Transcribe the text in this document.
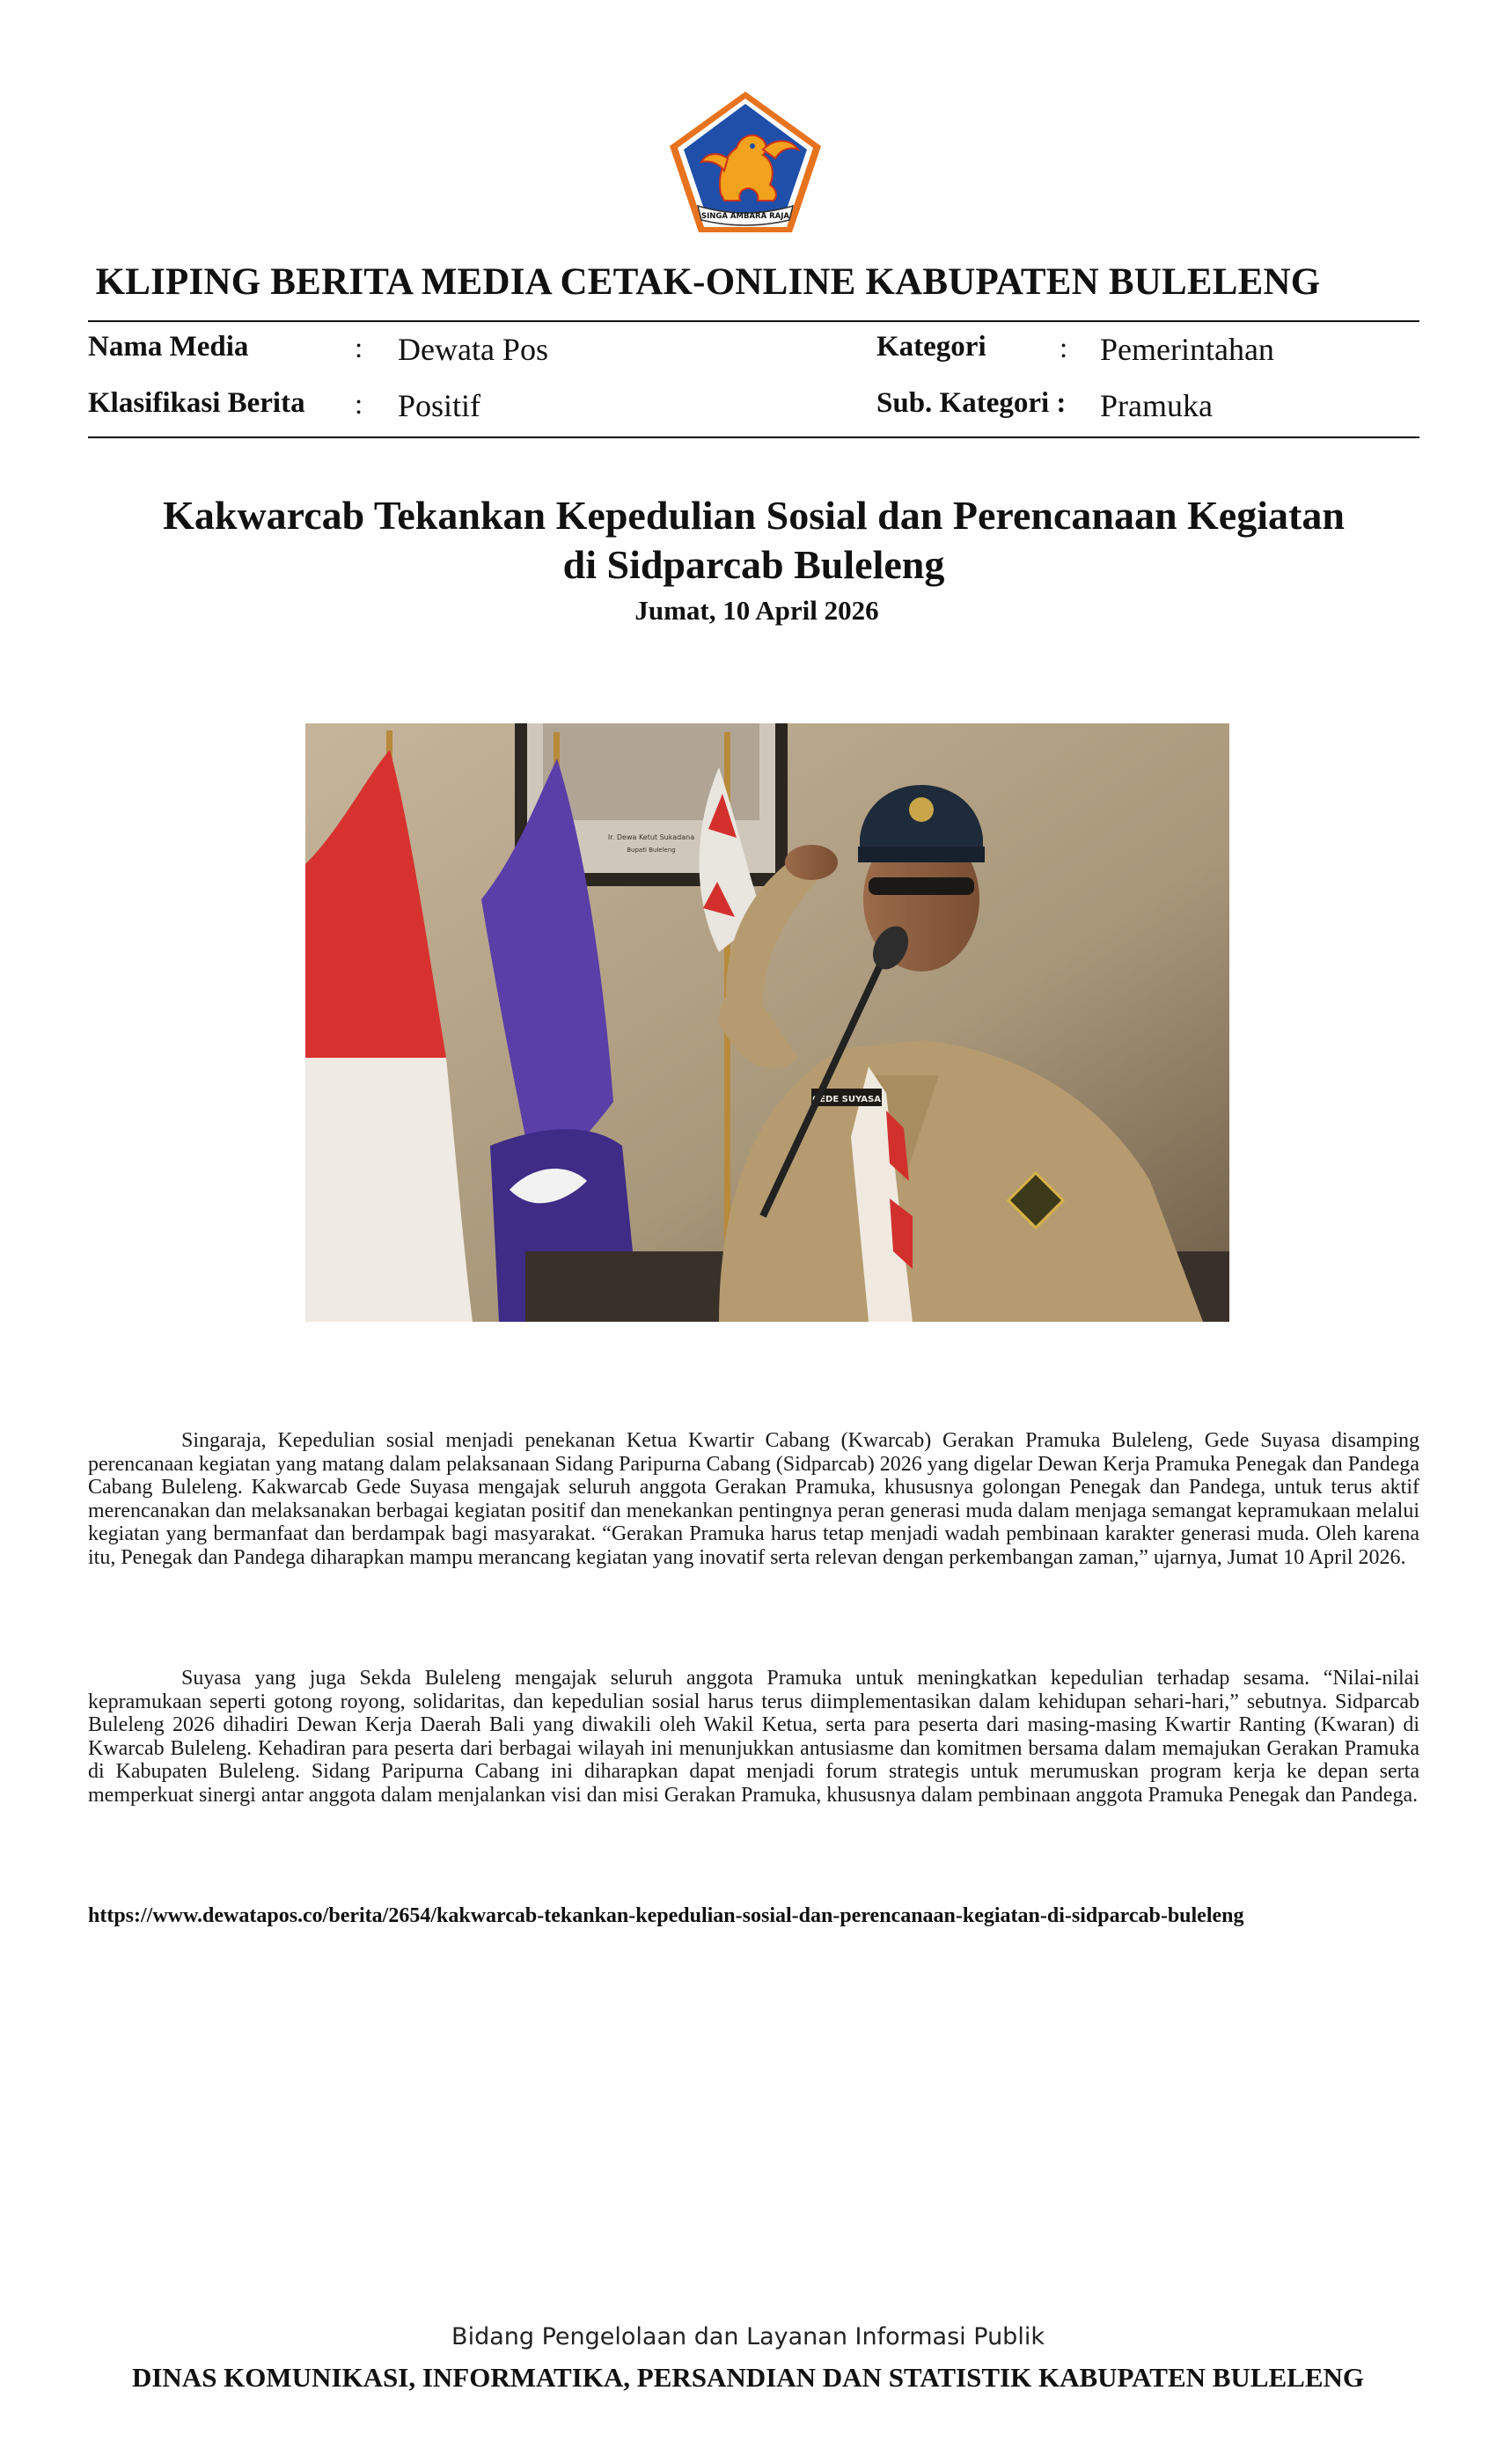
SINGA AMBARA RAJA
KLIPING BERITA MEDIA CETAK-ONLINE KABUPATEN BULELENG
Nama Media	: Dewata Pos
Klasifikasi Berita : Positif
Kategori	: Pemerintahan
Sub. Kategori : Pramuka
Kakwarcab Tekankan Kepedulian Sosial dan Perencanaan Kegiatan
di Sidparcab Buleleng
Jumat, 10 April 2026
Ir. Dewa Ketut Sukadana
Bupati Buleleng
GEDE SUYASA
Singaraja, Kepedulian sosial menjadi penekanan Ketua Kwartir Cabang (Kwarcab) Gerakan Pramuka Buleleng, Gede Suyasa disamping perencanaan kegiatan yang matang dalam pelaksanaan Sidang Paripurna Cabang (Sidparcab) 2026 yang digelar Dewan Kerja Pramuka Penegak dan Pandega Cabang Buleleng. Kakwarcab Gede Suyasa mengajak seluruh anggota Gerakan Pramuka, khususnya golongan Penegak dan Pandega, untuk terus aktif merencanakan dan melaksanakan berbagai kegiatan positif dan menekankan pentingnya peran generasi muda dalam menjaga semangat kepramukaan melalui kegiatan yang bermanfaat dan berdampak bagi masyarakat. “Gerakan Pramuka harus tetap menjadi wadah pembinaan karakter generasi muda. Oleh karena itu, Penegak dan Pandega diharapkan mampu merancang kegiatan yang inovatif serta relevan dengan perkembangan zaman,” ujarnya, Jumat 10 April 2026.
Suyasa yang juga Sekda Buleleng mengajak seluruh anggota Pramuka untuk meningkatkan kepedulian terhadap sesama. “Nilai-nilai kepramukaan seperti gotong royong, solidaritas, dan kepedulian sosial harus terus diimplementasikan dalam kehidupan sehari-hari,” sebutnya. Sidparcab Buleleng 2026 dihadiri Dewan Kerja Daerah Bali yang diwakili oleh Wakil Ketua, serta para peserta dari masing-masing Kwartir Ranting (Kwaran) di Kwarcab Buleleng. Kehadiran para peserta dari berbagai wilayah ini menunjukkan antusiasme dan komitmen bersama dalam memajukan Gerakan Pramuka di Kabupaten Buleleng. Sidang Paripurna Cabang ini diharapkan dapat menjadi forum strategis untuk merumuskan program kerja ke depan serta memperkuat sinergi antar anggota dalam menjalankan visi dan misi Gerakan Pramuka, khususnya dalam pembinaan anggota Pramuka Penegak dan Pandega.
https://www.dewatapos.co/berita/2654/kakwarcab-tekankan-kepedulian-sosial-dan-perencanaan-kegiatan-di-sidparcab-buleleng
Bidang Pengelolaan dan Layanan Informasi Publik
DINAS KOMUNIKASI, INFORMATIKA, PERSANDIAN DAN STATISTIK KABUPATEN BULELENG
